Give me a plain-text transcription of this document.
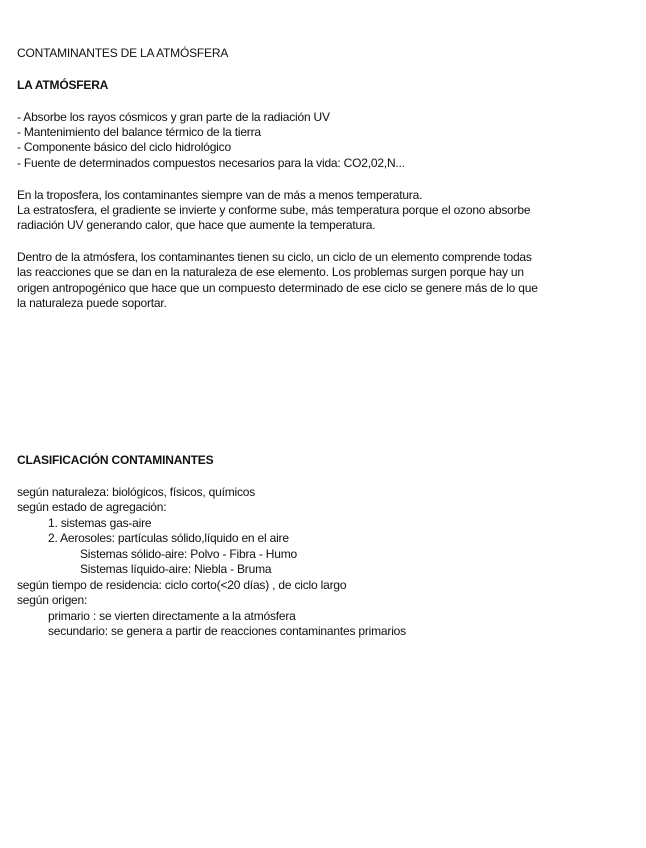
CONTAMINANTES DE LA ATMÓSFERA
LA ATMÓSFERA
- Absorbe los rayos cósmicos y gran parte de la radiación UV
- Mantenimiento del balance térmico de la tierra
- Componente básico del ciclo hidrológico
- Fuente de determinados compuestos necesarios para la vida: CO2,02,N...
En la troposfera, los contaminantes siempre van de más a menos temperatura.
La estratosfera, el gradiente se invierte y conforme sube, más temperatura porque el ozono absorbe
radiación UV generando calor, que hace que aumente la temperatura.
Dentro de la atmósfera, los contaminantes tienen su ciclo, un ciclo de un elemento comprende todas
las reacciones que se dan en la naturaleza de ese elemento. Los problemas surgen porque hay un
origen antropogénico que hace que un compuesto determinado de ese ciclo se genere más de lo que
la naturaleza puede soportar.
CLASIFICACIÓN CONTAMINANTES
según naturaleza: biológicos, físicos, químicos
según estado de agregación:
1. sistemas gas-aire
2. Aerosoles: partículas sólido,líquido en el aire
Sistemas sólido-aire: Polvo - Fibra - Humo
Sistemas líquido-aire: Niebla - Bruma
según tiempo de residencia: ciclo corto(<20 días) , de ciclo largo
según origen:
primario : se vierten directamente a la atmósfera
secundario: se genera a partir de reacciones contaminantes primarios
